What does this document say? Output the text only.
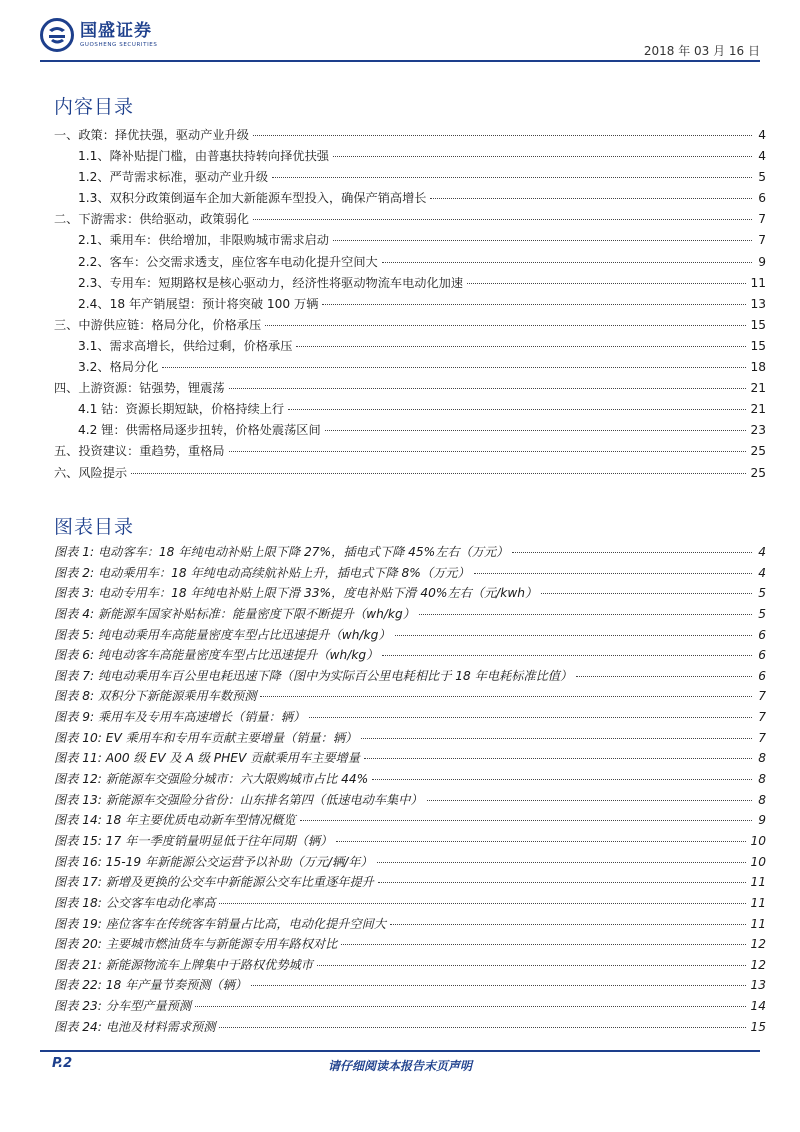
国盛证券
GUOSHENG SECURITIES	2018 年 03 月 16 日
内容目录
一、政策：择优扶强，驱动产业升级	4
1.1、降补贴提门槛，由普惠扶持转向择优扶强	4
1.2、严苛需求标准，驱动产业升级	5
1.3、双积分政策倒逼车企加大新能源车型投入，确保产销高增长	6
二、下游需求：供给驱动，政策弱化	7
2.1、乘用车：供给增加，非限购城市需求启动	7
2.2、客车：公交需求透支，座位客车电动化提升空间大	9
2.3、专用车：短期路权是核心驱动力，经济性将驱动物流车电动化加速	11
2.4、18 年产销展望：预计将突破 100 万辆	13
三、中游供应链：格局分化，价格承压	15
3.1、需求高增长，供给过剩，价格承压	15
3.2、格局分化	18
四、上游资源：钴强势，锂震荡	21
4.1 钴：资源长期短缺，价格持续上行	21
4.2 锂：供需格局逐步扭转，价格处震荡区间	23
五、投资建议：重趋势，重格局	25
六、风险提示	25
图表目录
图表 1: 电动客车：18 年纯电动补贴上限下降 27%，插电式下降 45%左右（万元）	4
图表 2: 电动乘用车：18 年纯电动高续航补贴上升，插电式下降 8%（万元）	4
图表 3: 电动专用车：18 年纯电补贴上限下滑 33%，度电补贴下滑 40%左右（元/kwh）	5
图表 4: 新能源车国家补贴标准：能量密度下限不断提升（wh/kg）	5
图表 5: 纯电动乘用车高能量密度车型占比迅速提升（wh/kg）	6
图表 6: 纯电动客车高能量密度车型占比迅速提升（wh/kg）	6
图表 7: 纯电动乘用车百公里电耗迅速下降（图中为实际百公里电耗相比于 18 年电耗标准比值）	6
图表 8: 双积分下新能源乘用车数预测	7
图表 9: 乘用车及专用车高速增长（销量：辆）	7
图表 10: EV 乘用车和专用车贡献主要增量（销量：辆）	7
图表 11: A00 级 EV 及 A 级 PHEV 贡献乘用车主要增量	8
图表 12: 新能源车交强险分城市：六大限购城市占比 44%	8
图表 13: 新能源车交强险分省份：山东排名第四（低速电动车集中）	8
图表 14: 18 年主要优质电动新车型情况概览	9
图表 15: 17 年一季度销量明显低于往年同期（辆）	10
图表 16: 15-19 年新能源公交运营予以补助（万元/辆/年）	10
图表 17: 新增及更换的公交车中新能源公交车比重逐年提升	11
图表 18: 公交客车电动化率高	11
图表 19: 座位客车在传统客车销量占比高，电动化提升空间大	11
图表 20: 主要城市燃油货车与新能源专用车路权对比	12
图表 21: 新能源物流车上牌集中于路权优势城市	12
图表 22: 18 年产量节奏预测（辆）	13
图表 23: 分车型产量预测	14
图表 24: 电池及材料需求预测	15
P.2	请仔细阅读本报告末页声明
